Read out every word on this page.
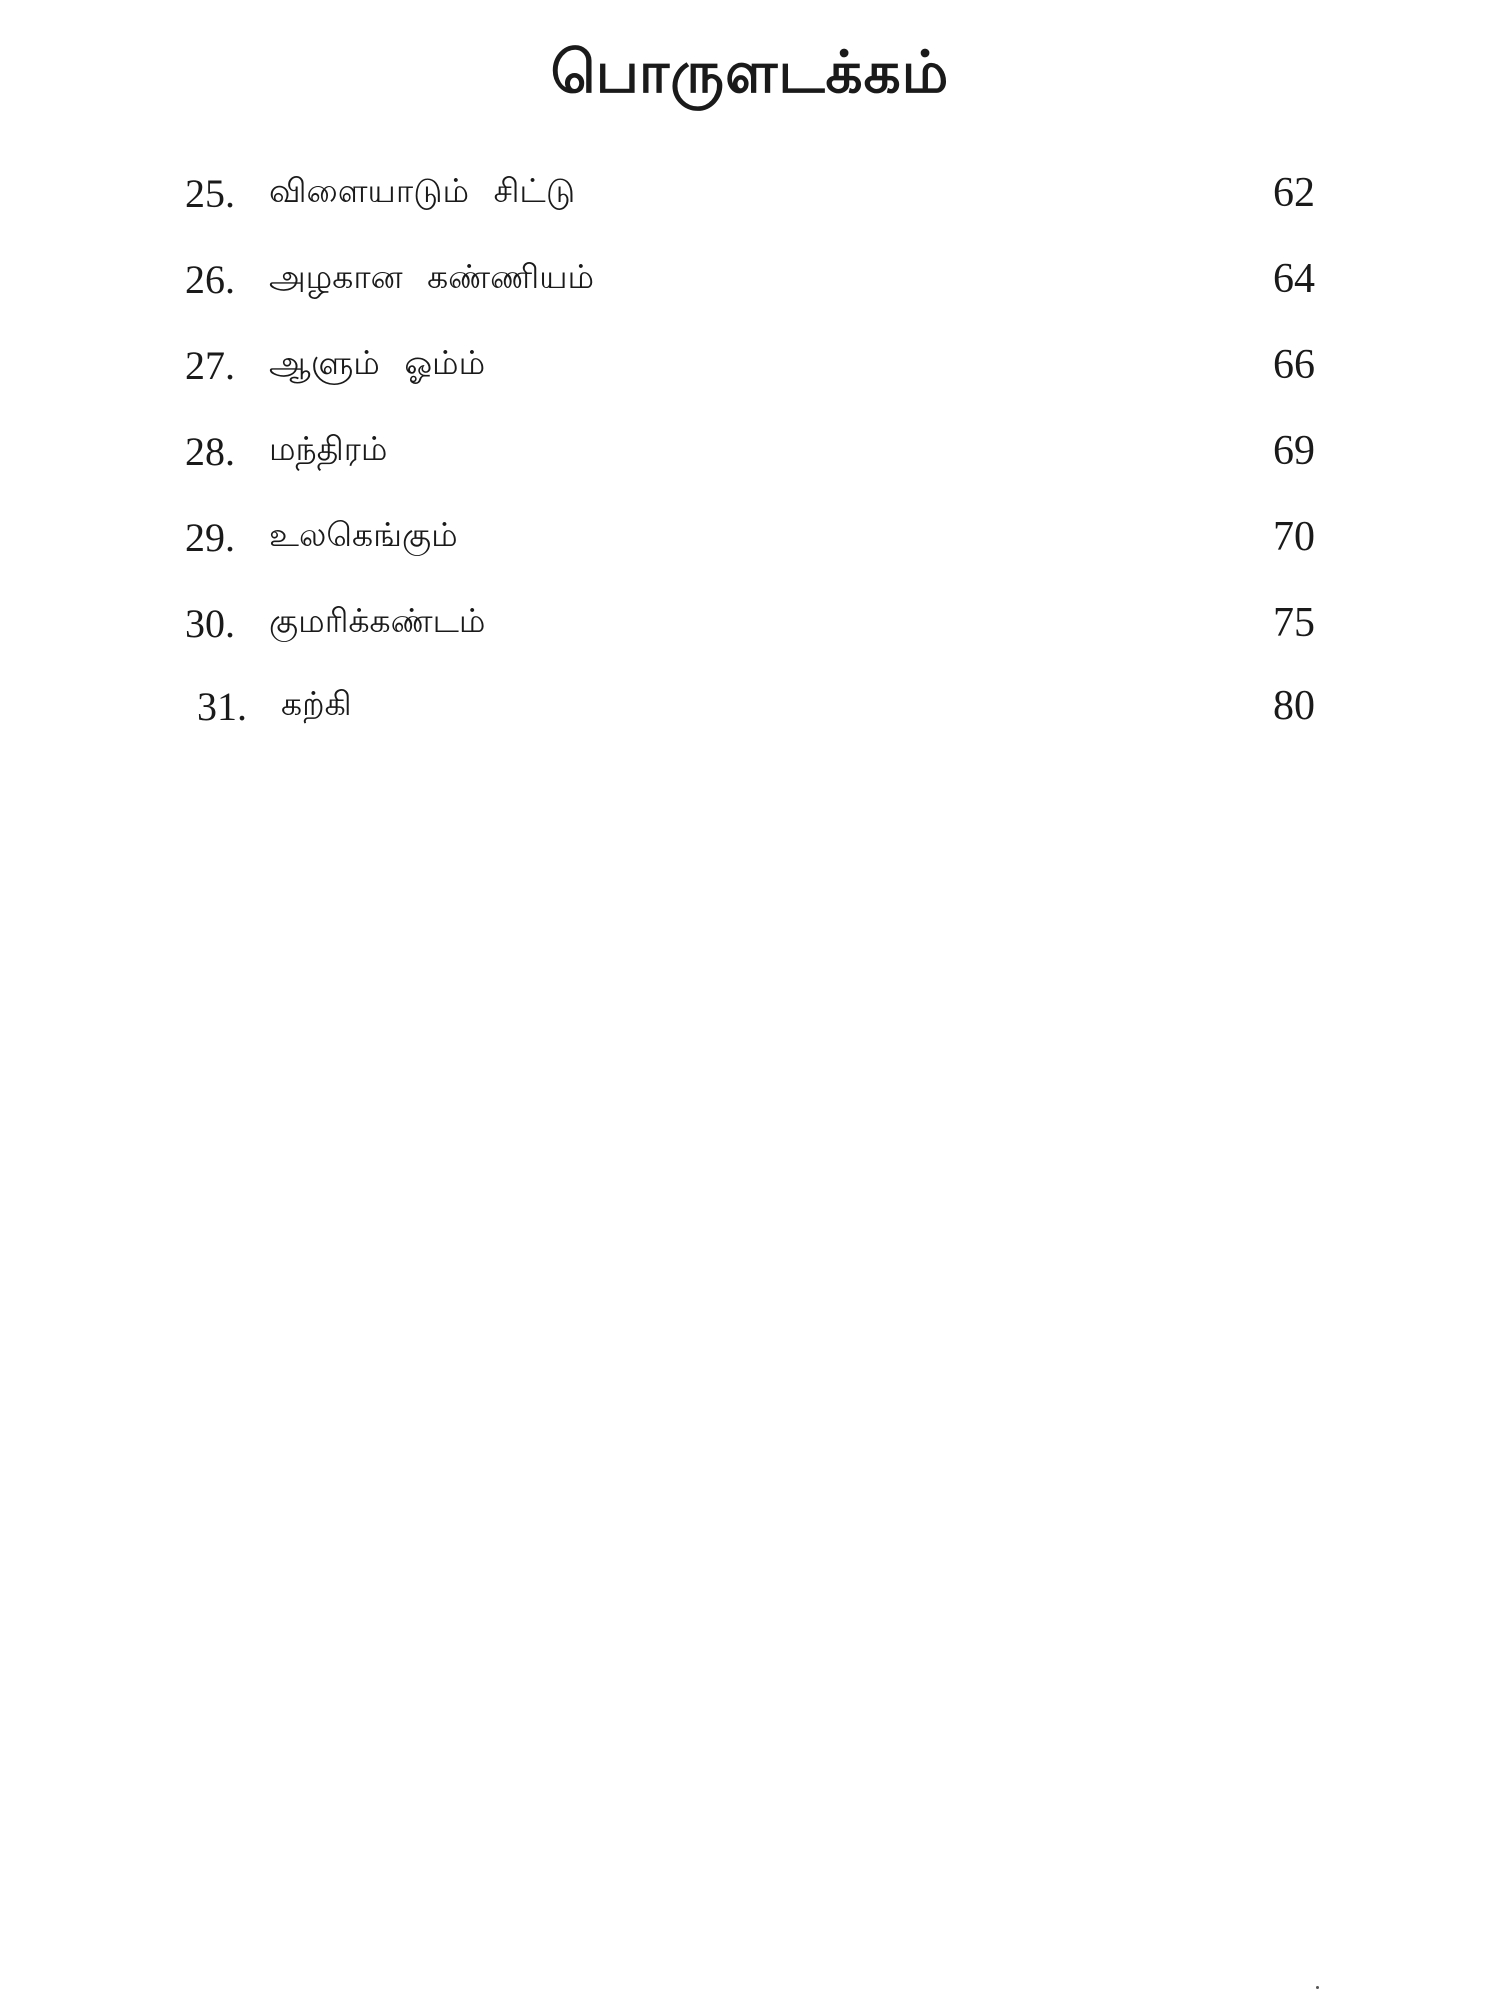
பொருளடக்கம்
25.	விளையாடும் சிட்டு	62
26.	அழகான கண்ணியம்	64
27.	ஆளும் ஓம்ம்	66
28.	மந்திரம்	69
29.	உலகெங்கும்	70
30.	குமரிக்கண்டம்	75
31.	கற்கி	80
